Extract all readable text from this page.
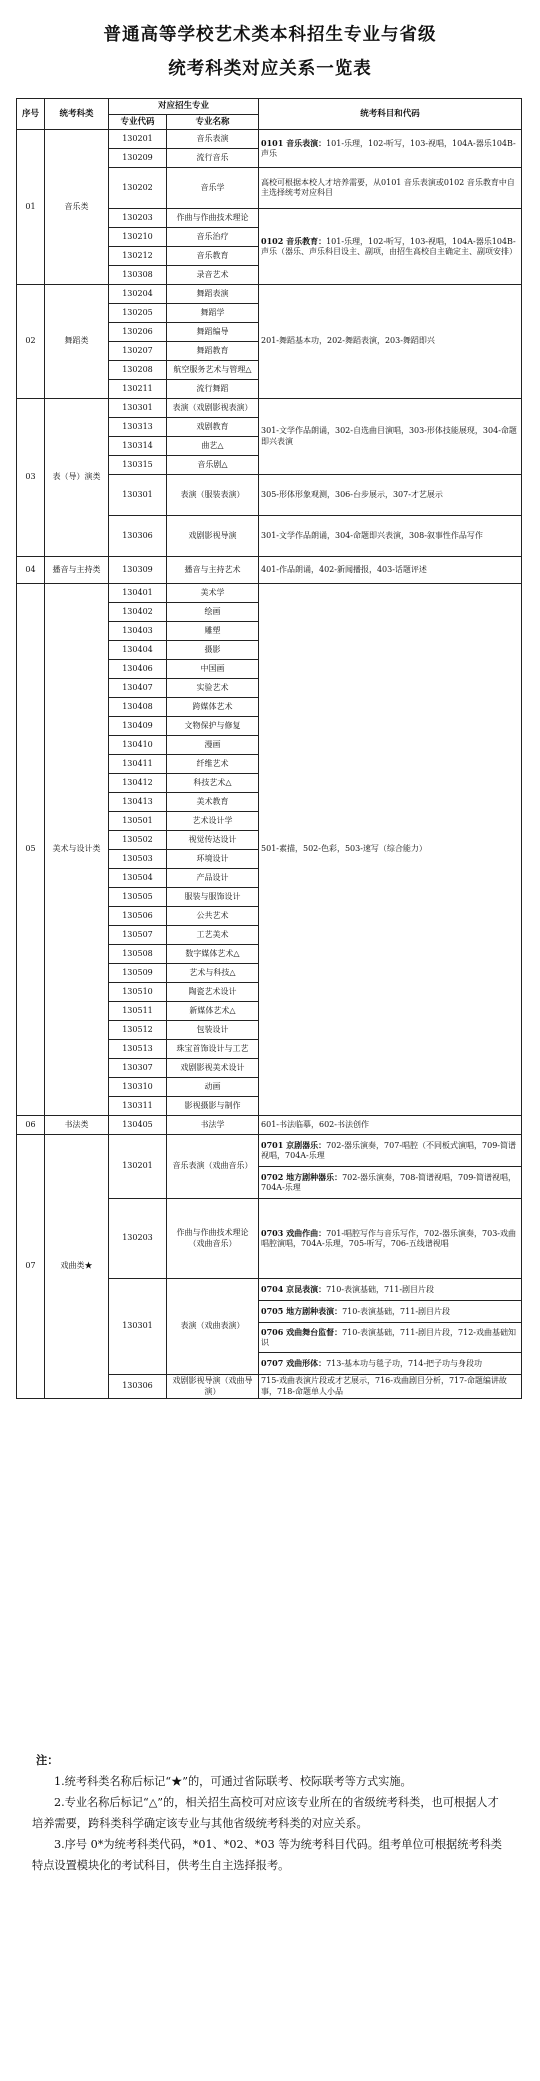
普通高等学校艺术类本科招生专业与省级
统考科类对应关系一览表
序号	统考科类	对应招生专业		统考科目和代码
		专业代码	专业名称	
01	音乐类	130201	音乐表演	0101 音乐表演：101-乐理，102-听写，103-视唱，104A-器乐104B-声乐
		130209	流行音乐	
		130202	音乐学	高校可根据本校人才培养需要，从0101 音乐表演或0102 音乐教育中自主选择统考对应科目
		130203	作曲与作曲技术理论	0102 音乐教育：101-乐理，102-听写，103-视唱，104A-器乐104B-声乐（器乐、声乐科目设主、副项，由招生高校自主确定主、副项安排）
		130210	音乐治疗	
		130212	音乐教育	
		130308	录音艺术	
02	舞蹈类	130204	舞蹈表演	201-舞蹈基本功，202-舞蹈表演，203-舞蹈即兴
		130205	舞蹈学	
		130206	舞蹈编导	
		130207	舞蹈教育	
		130208	航空服务艺术与管理△	
		130211	流行舞蹈	
03	表（导）演类	130301	表演（戏剧影视表演）	301-文学作品朗诵，302-自选曲目演唱，303-形体技能展现，304-命题即兴表演
		130313	戏剧教育	
		130314	曲艺△	
		130315	音乐剧△	
		130301	表演（服装表演）	305-形体形象观测，306-台步展示，307-才艺展示
		130306	戏剧影视导演	301-文学作品朗诵，304-命题即兴表演，308-叙事性作品写作
04	播音与主持类	130309	播音与主持艺术	401-作品朗诵，402-新闻播报，403-话题评述
05	美术与设计类	130401	美术学	501-素描，502-色彩，503-速写（综合能力）
		130402	绘画	
		130403	雕塑	
		130404	摄影	
		130406	中国画	
		130407	实验艺术	
		130408	跨媒体艺术	
		130409	文物保护与修复	
		130410	漫画	
		130411	纤维艺术	
		130412	科技艺术△	
		130413	美术教育	
		130501	艺术设计学	
		130502	视觉传达设计	
		130503	环境设计	
		130504	产品设计	
		130505	服装与服饰设计	
		130506	公共艺术	
		130507	工艺美术	
		130508	数字媒体艺术△	
		130509	艺术与科技△	
		130510	陶瓷艺术设计	
		130511	新媒体艺术△	
		130512	包装设计	
		130513	珠宝首饰设计与工艺	
		130307	戏剧影视美术设计	
		130310	动画	
		130311	影视摄影与制作	
06	书法类	130405	书法学	601-书法临摹，602-书法创作
07	戏曲类★	130201	音乐表演（戏曲音乐）	0701 京剧器乐：702-器乐演奏，707-唱腔（不同板式演唱，709-简谱视唱，704A-乐理
				0702 地方剧种器乐：702-器乐演奏，708-简谱视唱，709-简谱视唱，704A-乐理
		130203	作曲与作曲技术理论（戏曲音乐）	0703 戏曲作曲：701-唱腔写作与音乐写作，702-器乐演奏，703-戏曲唱腔演唱，704A-乐理，705-听写，706-五线谱视唱

		130301	表演（戏曲表演）	0704 京昆表演：710-表演基础，711-剧目片段
				0705 地方剧种表演：710-表演基础，711-剧目片段
				0706 戏曲舞台监督：710-表演基础，711-剧目片段，712-戏曲基础知识
				0707 戏曲形体：713-基本功与毯子功，714-把子功与身段功
		130306	戏剧影视导演（戏曲导演）	715-戏曲表演片段或才艺展示，716-戏曲剧目分析，717-命题编讲故事，718-命题单人小品
注：

1.统考科类名称后标记“★”的，可通过省际联考、校际联考等方式实施。

2.专业名称后标记“△”的，相关招生高校可对应该专业所在的省级统考科类，也可根据人才培养需要，跨科类科学确定该专业与其他省级统考科类的对应关系。

3.序号 0*为统考科类代码，*01、*02、*03 等为统考科目代码。组考单位可根据统考科类特点设置模块化的考试科目，供考生自主选择报考。
